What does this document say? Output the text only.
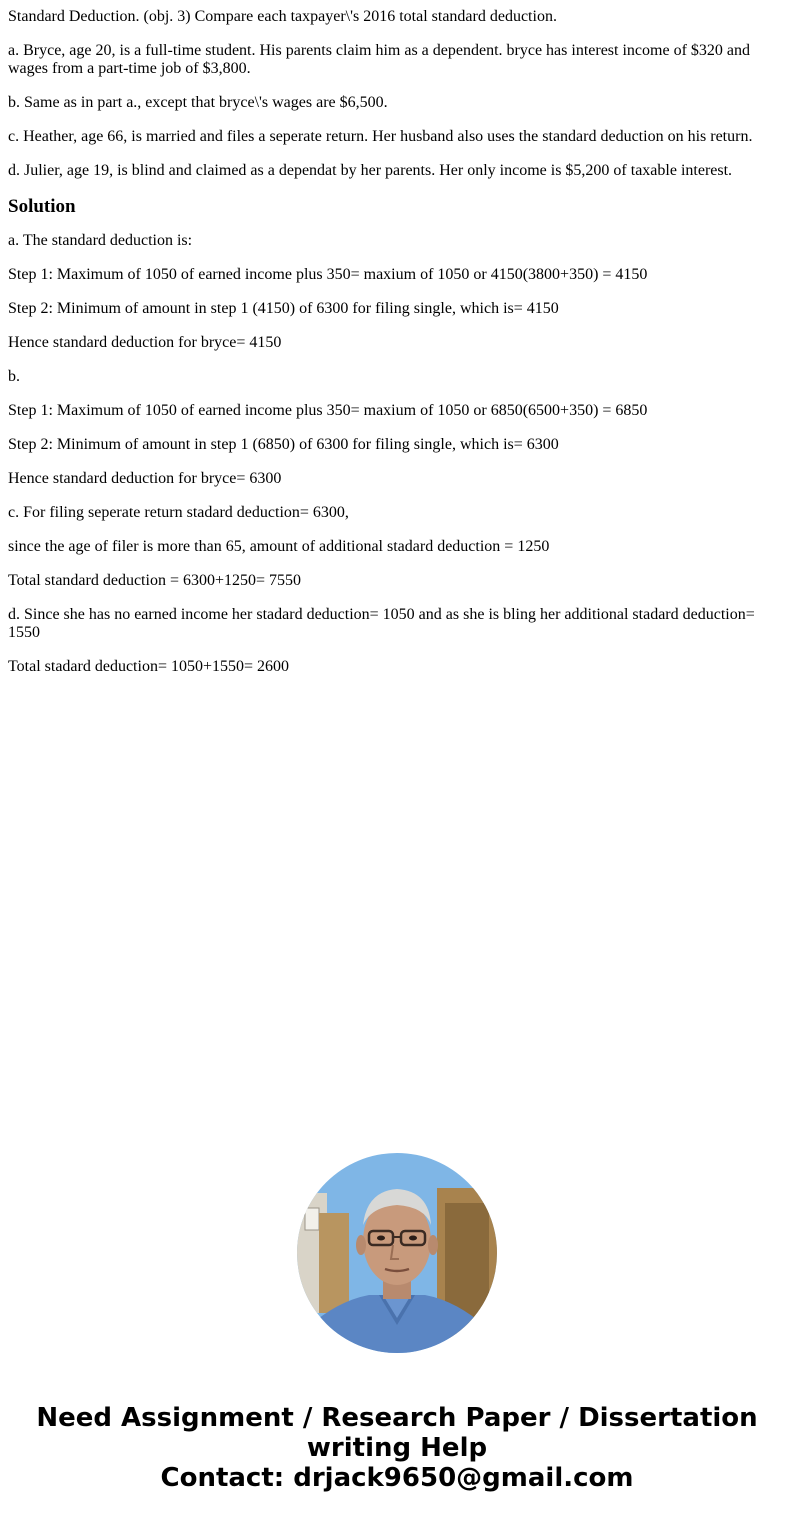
Standard Deduction. (obj. 3) Compare each taxpayer\'s 2016 total standard deduction.

a. Bryce, age 20, is a full-time student. His parents claim him as a dependent. bryce has interest income of $320 and wages from a part-time job of $3,800.

b. Same as in part a., except that bryce\'s wages are $6,500.

c. Heather, age 66, is married and files a seperate return. Her husband also uses the standard deduction on his return.

d. Julier, age 19, is blind and claimed as a dependat by her parents. Her only income is $5,200 of taxable interest.

Solution

a. The standard deduction is:

Step 1: Maximum of 1050 of earned income plus 350= maxium of 1050 or 4150(3800+350) = 4150

Step 2: Minimum of amount in step 1 (4150) of 6300 for filing single, which is= 4150

Hence standard deduction for bryce= 4150

b.

Step 1: Maximum of 1050 of earned income plus 350= maxium of 1050 or 6850(6500+350) = 6850

Step 2: Minimum of amount in step 1 (6850) of 6300 for filing single, which is= 6300

Hence standard deduction for bryce= 6300

c. For filing seperate return stadard deduction= 6300,

since the age of filer is more than 65, amount of additional stadard deduction = 1250

Total standard deduction = 6300+1250= 7550

d. Since she has no earned income her stadard deduction= 1050 and as she is bling her additional stadard deduction= 1550

Total stadard deduction= 1050+1550= 2600

Need Assignment / Research Paper / Dissertation
writing Help
Contact: drjack9650@gmail.com
